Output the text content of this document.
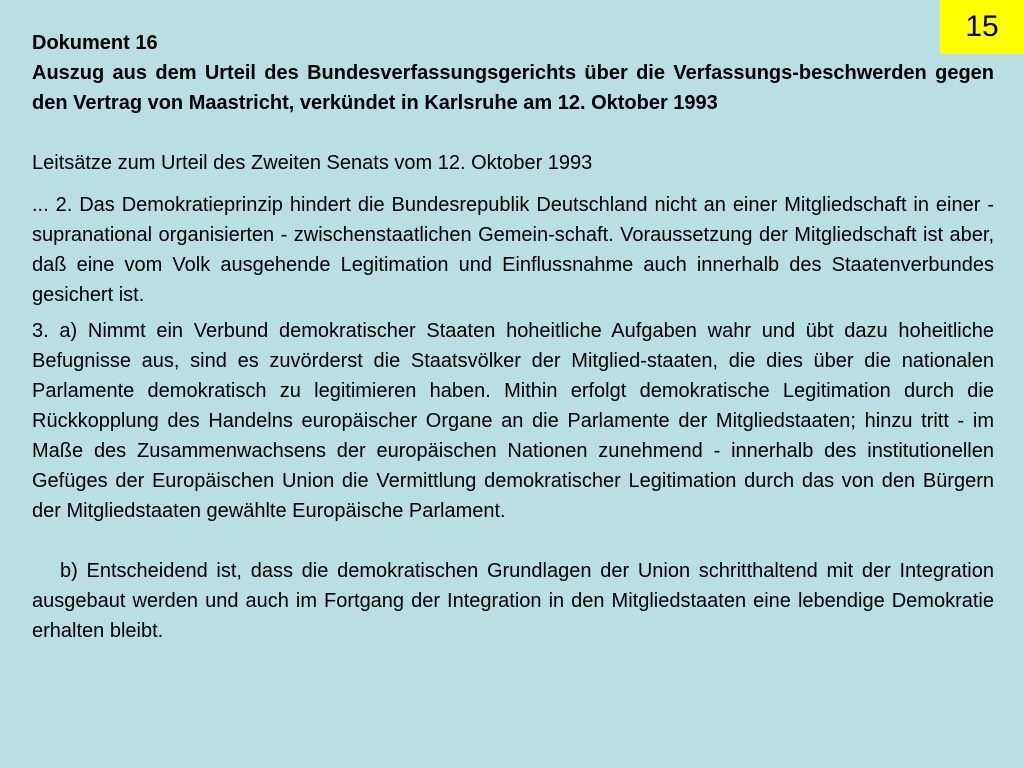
15

Dokument 16

Auszug aus dem Urteil des Bundesverfassungsgerichts über die Verfassungs-beschwerden gegen den Vertrag von Maastricht, verkündet in Karlsruhe am 12. Oktober 1993

Leitsätze zum Urteil des Zweiten Senats vom 12. Oktober 1993

... 2. Das Demokratieprinzip hindert die Bundesrepublik Deutschland nicht an einer Mitgliedschaft in einer - supranational organisierten - zwischenstaatlichen Gemein-schaft. Voraussetzung der Mitgliedschaft ist aber, daß eine vom Volk ausgehende Legitimation und Einflussnahme auch innerhalb des Staatenverbundes gesichert ist.

3. a) Nimmt ein Verbund demokratischer Staaten hoheitliche Aufgaben wahr und übt dazu hoheitliche Befugnisse aus, sind es zuvörderst die Staatsvölker der Mitglied-staaten, die dies über die nationalen Parlamente demokratisch zu legitimieren haben. Mithin erfolgt demokratische Legitimation durch die Rückkopplung des Handelns europäischer Organe an die Parlamente der Mitgliedstaaten; hinzu tritt - im Maße des Zusammenwachsens der europäischen Nationen zunehmend - innerhalb des institutionellen Gefüges der Europäischen Union die Vermittlung demokratischer Legitimation durch das von den Bürgern der Mitgliedstaaten gewählte Europäische Parlament.

b) Entscheidend ist, dass die demokratischen Grundlagen der Union schritthaltend mit der Integration ausgebaut werden und auch im Fortgang der Integration in den Mitgliedstaaten eine lebendige Demokratie erhalten bleibt.
